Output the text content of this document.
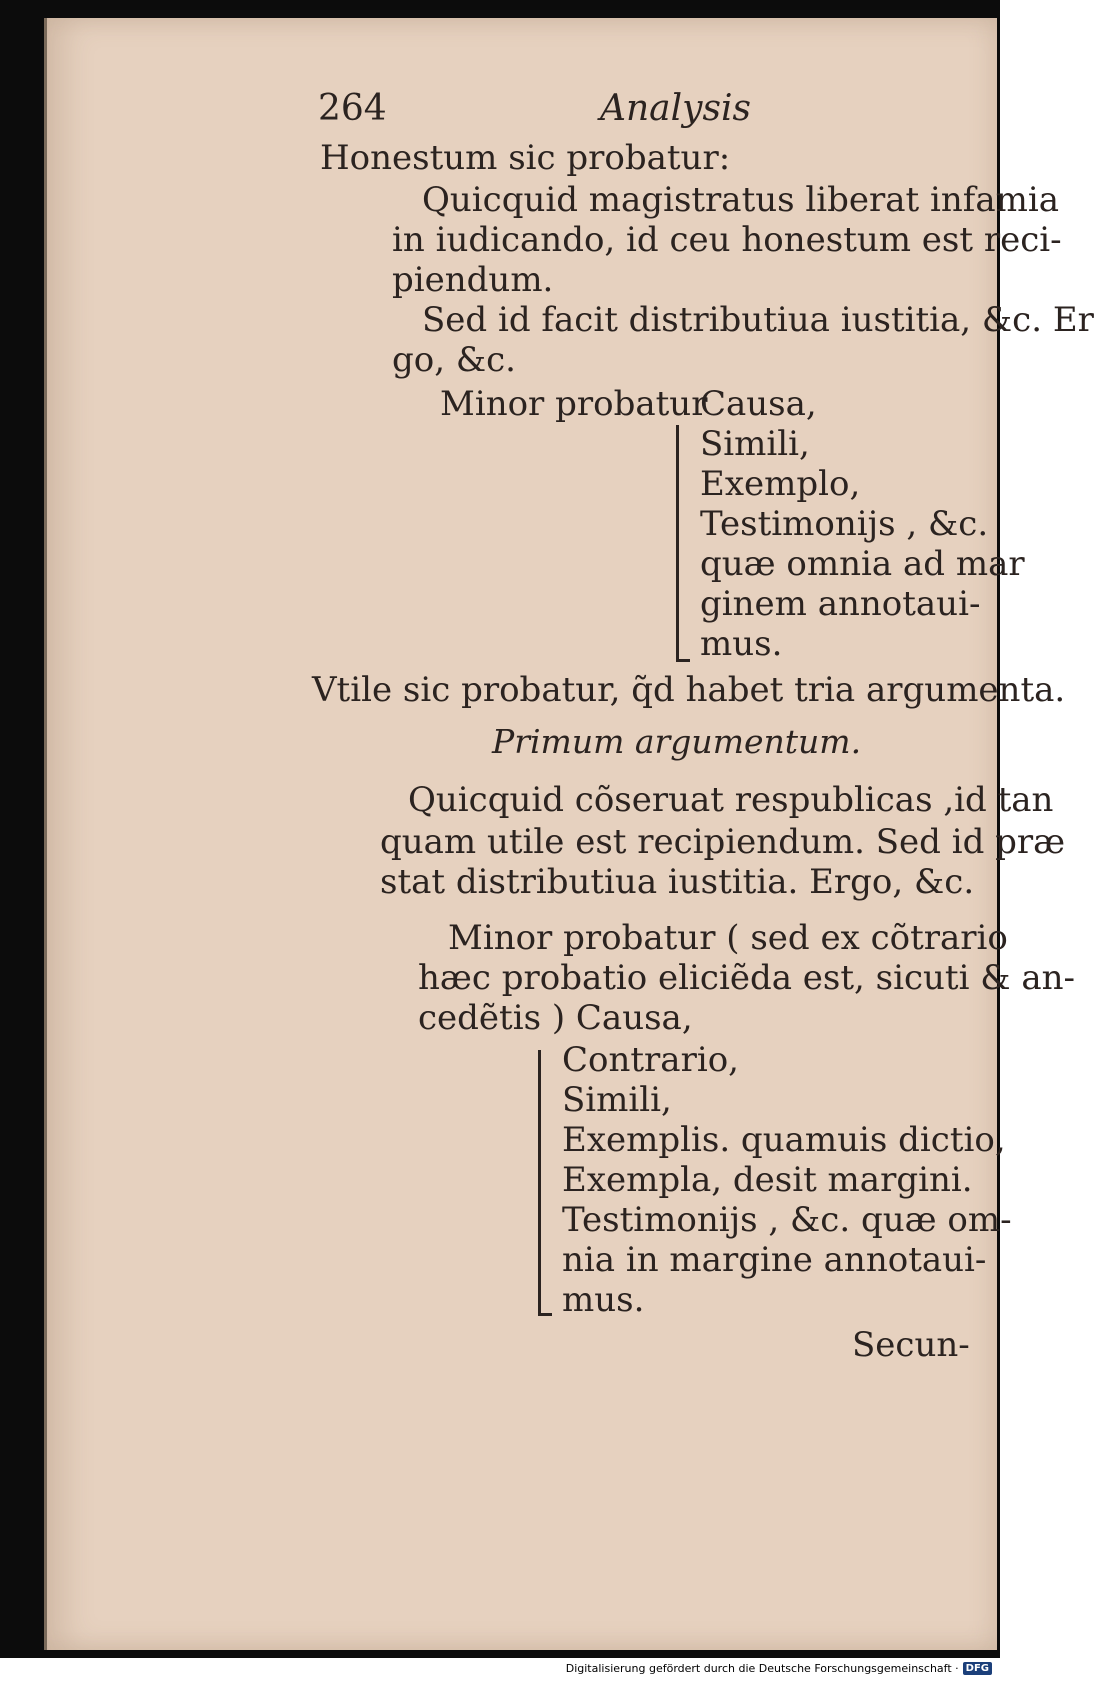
264	Analysis
Honestum sic probatur:
Quicquid magistratus liberat infamia
in iudicando, id ceu honestum est reci-
piendum.
Sed id facit distributiua iustitia, &c. Er
go, &c.
Minor probatur
Causa,
Simili,
Exemplo,
Testimonijs , &c.
quæ omnia ad mar
ginem annotaui-
mus.
Vtile sic probatur, q̃d habet tria argumenta.
Primum argumentum.
Quicquid cõseruat respublicas ,id tan
quam utile est recipiendum. Sed id præ
stat distributiua iustitia. Ergo, &c.
Minor probatur ( sed ex cõtrario
hæc probatio eliciẽda est, sicuti & an-
cedẽtis ) Causa,
Contrario,
Simili,
Exemplis. quamuis dictio,
Exempla, desit margini.
Testimonijs , &c. quæ om-
nia in margine annotaui-
mus.
Secun-
Digitalisierung gefördert durch die Deutsche Forschungsgemeinschaft · DFG
